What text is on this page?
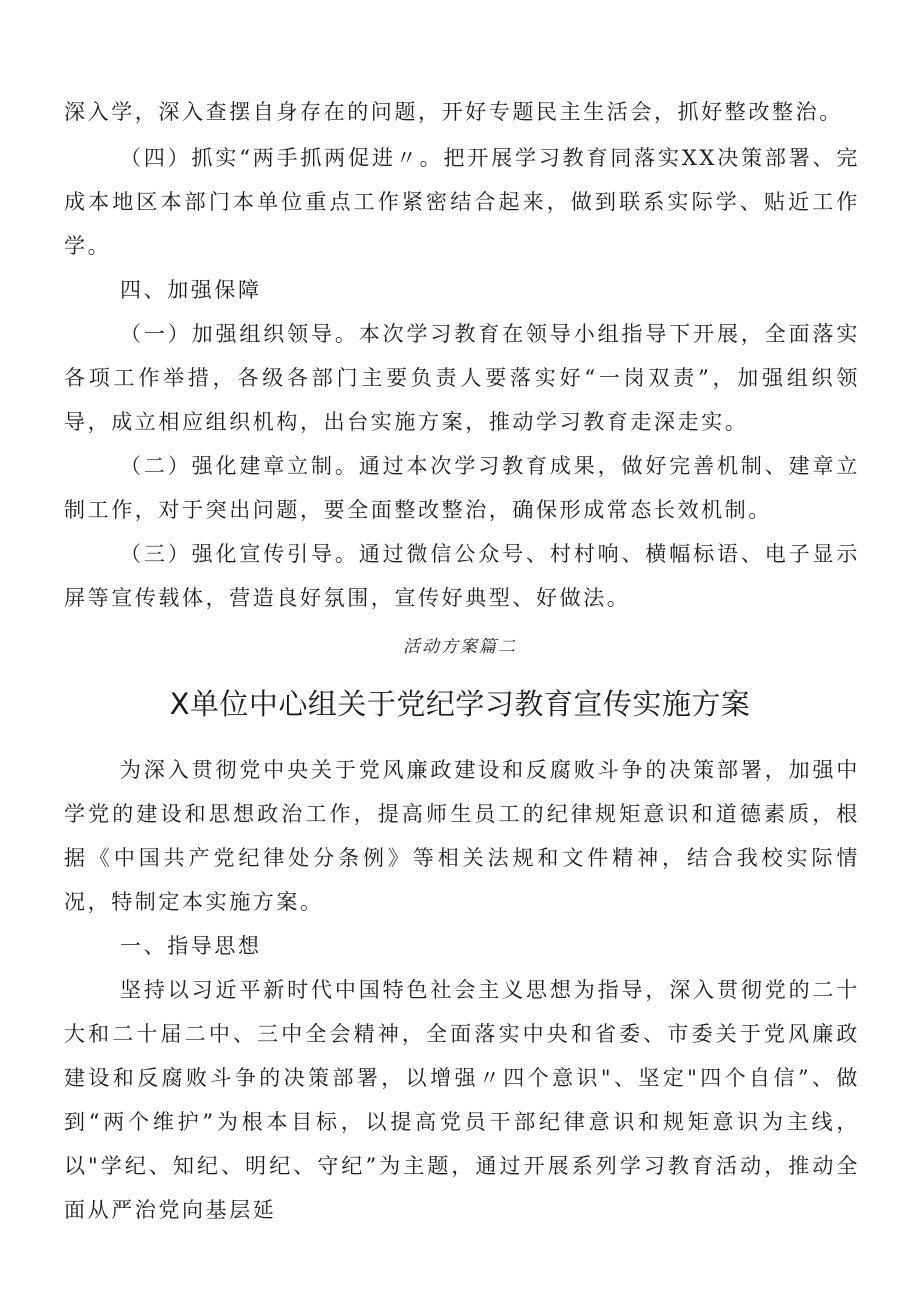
深入学，深入查摆自身存在的问题，开好专题民主生活会，抓好整改整治。

（四）抓实“两手抓两促进〃。把开展学习教育同落实XX决策部署、完成本地区本部门本单位重点工作紧密结合起来，做到联系实际学、贴近工作学。

四、加强保障

（一）加强组织领导。本次学习教育在领导小组指导下开展，全面落实各项工作举措，各级各部门主要负责人要落实好“一岗双责”，加强组织领导，成立相应组织机构，出台实施方案，推动学习教育走深走实。

（二）强化建章立制。通过本次学习教育成果，做好完善机制、建章立制工作，对于突出问题，要全面整改整治，确保形成常态长效机制。

（三）强化宣传引导。通过微信公众号、村村响、横幅标语、电子显示屏等宣传载体，营造良好氛围，宣传好典型、好做法。

活动方案篇二

X单位中心组关于党纪学习教育宣传实施方案

为深入贯彻党中央关于党风廉政建设和反腐败斗争的决策部署，加强中学党的建设和思想政治工作，提高师生员工的纪律规矩意识和道德素质，根据《中国共产党纪律处分条例》等相关法规和文件精神，结合我校实际情况，特制定本实施方案。

一、指导思想

坚持以习近平新时代中国特色社会主义思想为指导，深入贯彻党的二十大和二十届二中、三中全会精神，全面落实中央和省委、市委关于党风廉政建设和反腐败斗争的决策部署，以增强〃四个意识"、坚定"四个自信”、做到“两个维护”为根本目标，以提高党员干部纪律意识和规矩意识为主线，以"学纪、知纪、明纪、守纪”为主题，通过开展系列学习教育活动，推动全面从严治党向基层延
